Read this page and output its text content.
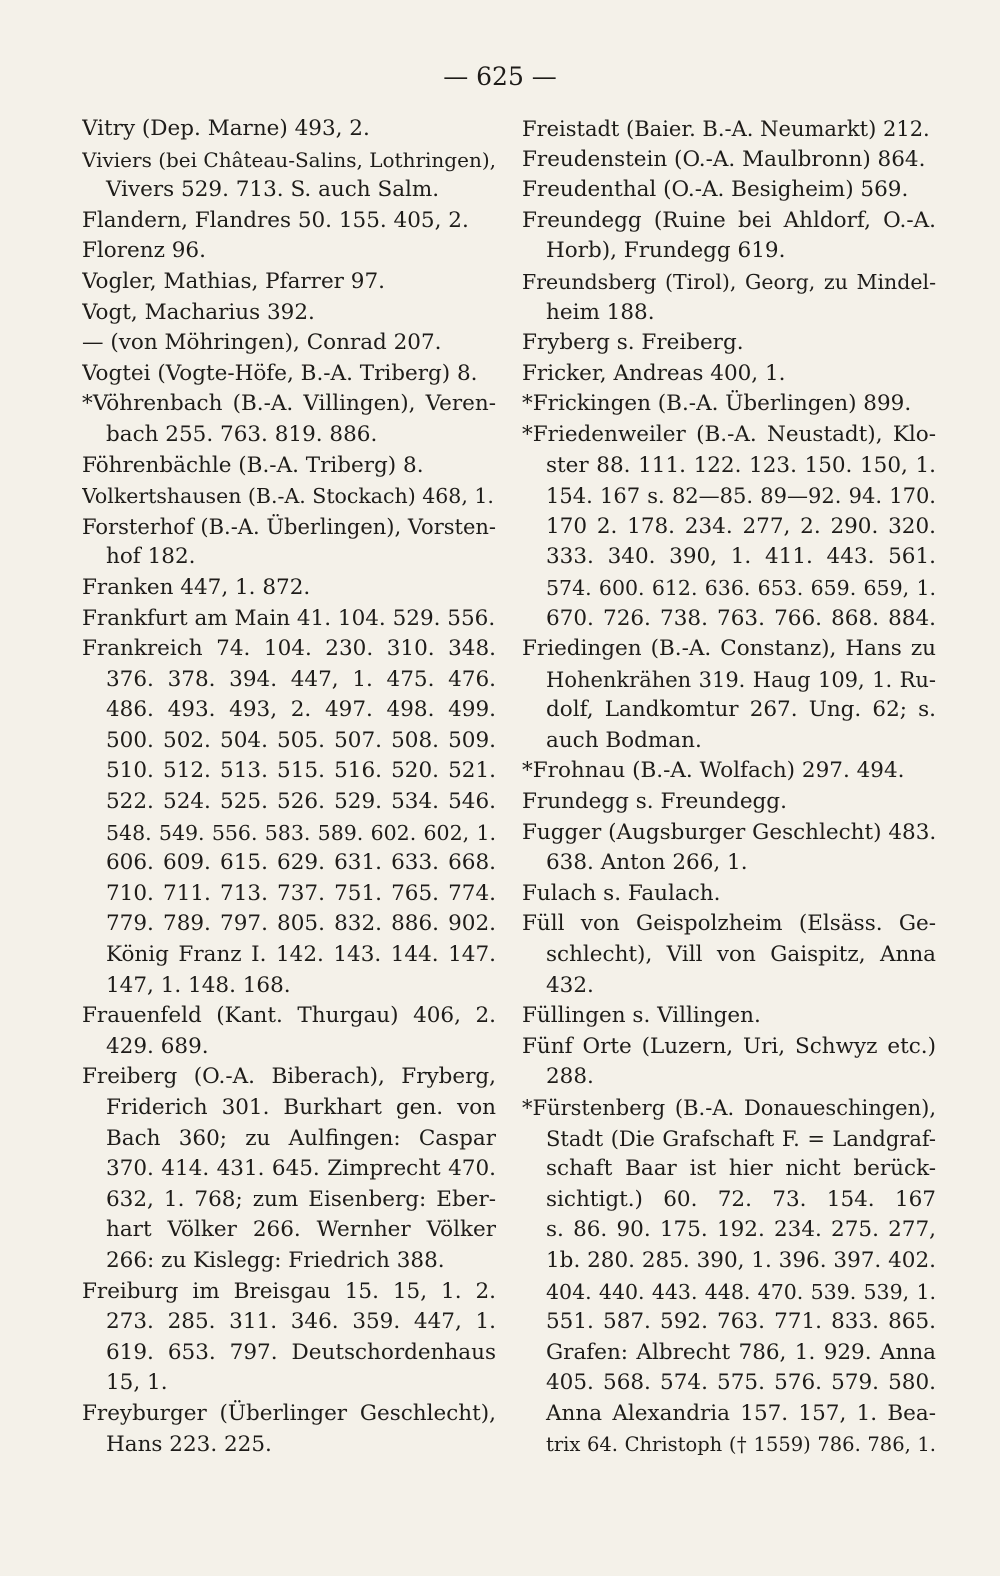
— 625 —
Vitry (Dep. Marne) 493, 2.
Viviers (bei Château-Salins, Lothringen),
Vivers 529. 713. S. auch Salm.
Flandern, Flandres 50. 155. 405, 2.
Florenz 96.
Vogler, Mathias, Pfarrer 97.
Vogt, Macharius 392.
— (von Möhringen), Conrad 207.
Vogtei (Vogte-Höfe, B.-A. Triberg) 8.
*Vöhrenbach (B.-A. Villingen), Veren-
bach 255. 763. 819. 886.
Föhrenbächle (B.-A. Triberg) 8.
Volkertshausen (B.-A. Stockach) 468, 1.
Forsterhof (B.-A. Überlingen), Vorsten-
hof 182.
Franken 447, 1. 872.
Frankfurt am Main 41. 104. 529. 556.
Frankreich 74. 104. 230. 310. 348.
376. 378. 394. 447, 1. 475. 476.
486. 493. 493, 2. 497. 498. 499.
500. 502. 504. 505. 507. 508. 509.
510. 512. 513. 515. 516. 520. 521.
522. 524. 525. 526. 529. 534. 546.
548. 549. 556. 583. 589. 602. 602, 1.
606. 609. 615. 629. 631. 633. 668.
710. 711. 713. 737. 751. 765. 774.
779. 789. 797. 805. 832. 886. 902.
König Franz I. 142. 143. 144. 147.
147, 1. 148. 168.
Frauenfeld (Kant. Thurgau) 406, 2.
429. 689.
Freiberg (O.-A. Biberach), Fryberg,
Friderich 301. Burkhart gen. von
Bach 360; zu Aulfingen: Caspar
370. 414. 431. 645. Zimprecht 470.
632, 1. 768; zum Eisenberg: Eber-
hart Völker 266. Wernher Völker
266: zu Kislegg: Friedrich 388.
Freiburg im Breisgau 15. 15, 1. 2.
273. 285. 311. 346. 359. 447, 1.
619. 653. 797. Deutschordenhaus
15, 1.
Freyburger (Überlinger Geschlecht),
Hans 223. 225.
Freistadt (Baier. B.-A. Neumarkt) 212.
Freudenstein (O.-A. Maulbronn) 864.
Freudenthal (O.-A. Besigheim) 569.
Freundegg (Ruine bei Ahldorf, O.-A.
Horb), Frundegg 619.
Freundsberg (Tirol), Georg, zu Mindel-
heim 188.
Fryberg s. Freiberg.
Fricker, Andreas 400, 1.
*Frickingen (B.-A. Überlingen) 899.
*Friedenweiler (B.-A. Neustadt), Klo-
ster 88. 111. 122. 123. 150. 150, 1.
154. 167 s. 82—85. 89—92. 94. 170.
170 2. 178. 234. 277, 2. 290. 320.
333. 340. 390, 1. 411. 443. 561.
574. 600. 612. 636. 653. 659. 659, 1.
670. 726. 738. 763. 766. 868. 884.
Friedingen (B.-A. Constanz), Hans zu
Hohenkrähen 319. Haug 109, 1. Ru-
dolf, Landkomtur 267. Ung. 62; s.
auch Bodman.
*Frohnau (B.-A. Wolfach) 297. 494.
Frundegg s. Freundegg.
Fugger (Augsburger Geschlecht) 483.
638. Anton 266, 1.
Fulach s. Faulach.
Füll von Geispolzheim (Elsäss. Ge-
schlecht), Vill von Gaispitz, Anna
432.
Füllingen s. Villingen.
Fünf Orte (Luzern, Uri, Schwyz etc.)
288.
*Fürstenberg (B.-A. Donaueschingen),
Stadt (Die Grafschaft F. = Landgraf-
schaft Baar ist hier nicht berück-
sichtigt.) 60. 72. 73. 154. 167
s. 86. 90. 175. 192. 234. 275. 277,
1b. 280. 285. 390, 1. 396. 397. 402.
404. 440. 443. 448. 470. 539. 539, 1.
551. 587. 592. 763. 771. 833. 865.
Grafen: Albrecht 786, 1. 929. Anna
405. 568. 574. 575. 576. 579. 580.
Anna Alexandria 157. 157, 1. Bea-
trix 64. Christoph († 1559) 786. 786, 1.
